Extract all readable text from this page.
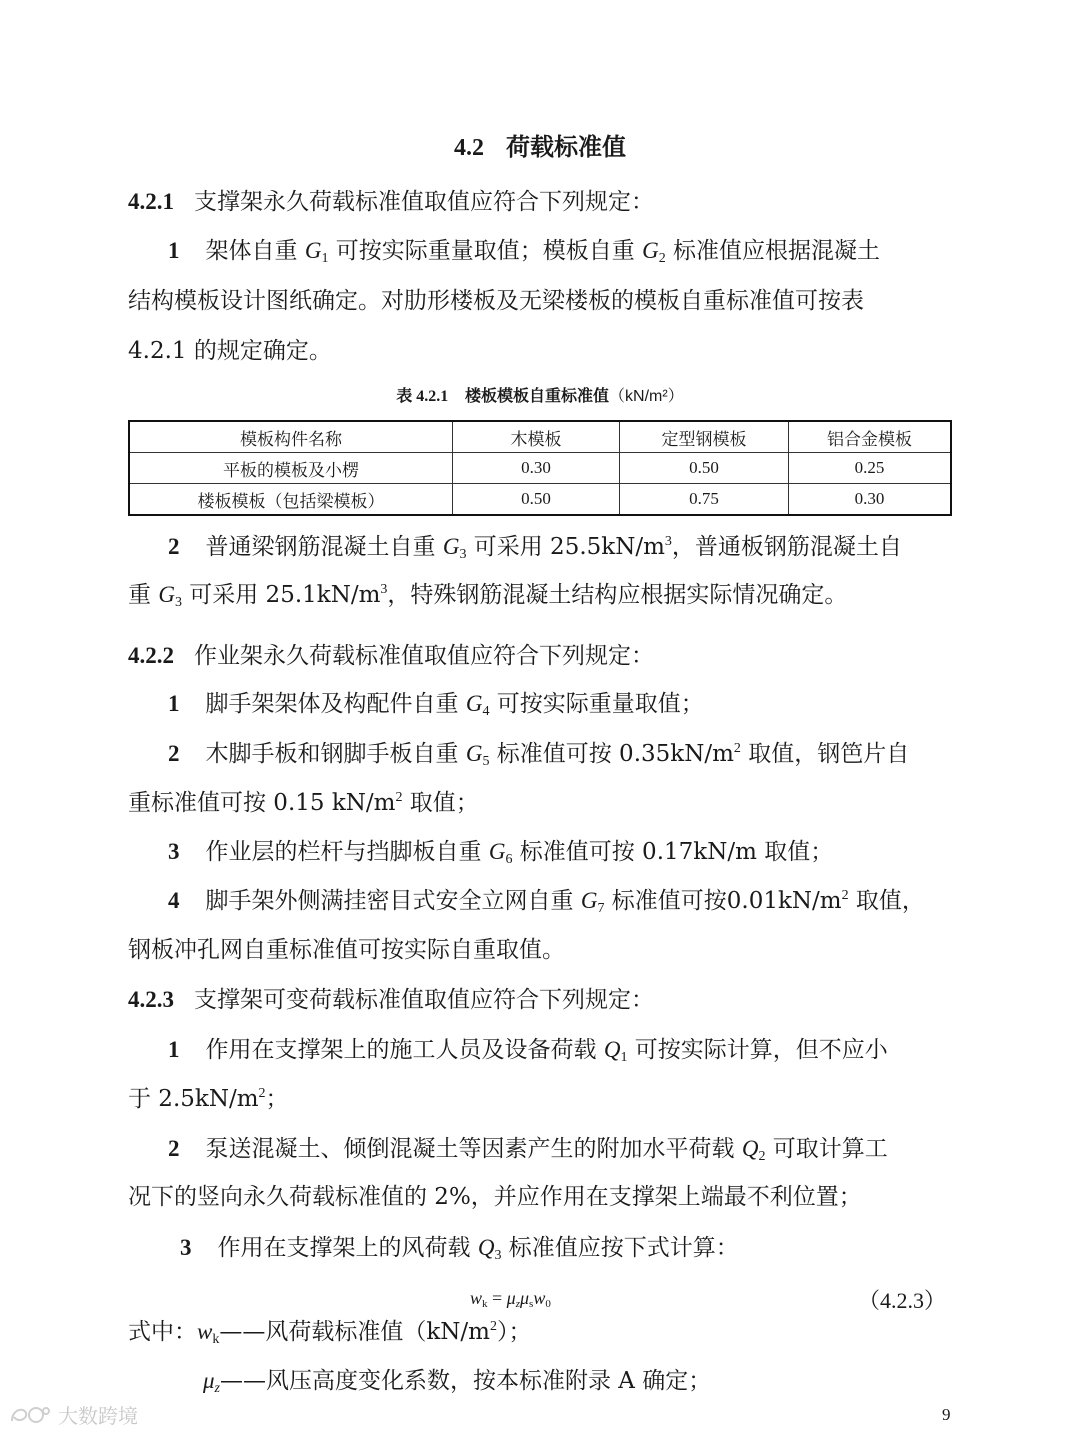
4.2 荷载标准值
4.2.1 支撑架永久荷载标准值取值应符合下列规定：
1 架体自重 $G_1$ 可按实际重量取值；模板自重 $G_2$ 标准值应根据混凝土
结构模板设计图纸确定。对肋形楼板及无梁楼板的模板自重标准值可按表
4.2.1 的规定确定。
表 4.2.1 楼板模板自重标准值（kN/m²）
模板构件名称	木模板	定型钢模板	铝合金模板
平板的模板及小楞	0.30	0.50	0.25
楼板模板（包括梁模板）	0.50	0.75	0.30
2 普通梁钢筋混凝土自重 $G_3$ 可采用 $25.5kN/m^3$，普通板钢筋混凝土自
重 $G_3$ 可采用 $25.1kN/m^3$，特殊钢筋混凝土结构应根据实际情况确定。
4.2.2 作业架永久荷载标准值取值应符合下列规定：
1 脚手架架体及构配件自重 $G_4$ 可按实际重量取值；
2 木脚手板和钢脚手板自重 $G_5$ 标准值可按 $0.35kN/m^2$ 取值，钢笆片自
重标准值可按 0.15 $kN/m^2$ 取值；
3 作业层的栏杆与挡脚板自重 $G_6$ 标准值可按 0.17kN/m 取值；
4 脚手架外侧满挂密目式安全立网自重 $G_7$ 标准值可按$0.01kN/m^2$ 取值，
钢板冲孔网自重标准值可按实际自重取值。
4.2.3 支撑架可变荷载标准值取值应符合下列规定：
1 作用在支撑架上的施工人员及设备荷载 $Q_1$ 可按实际计算，但不应小
于 $2.5kN/m^2$；
2 泵送混凝土、倾倒混凝土等因素产生的附加水平荷载 $Q_2$ 可取计算工
况下的竖向永久荷载标准值的 2%，并应作用在支撑架上端最不利位置；
3 作用在支撑架上的风荷载 $Q_3$ 标准值应按下式计算：
$w_k = \mu_z\mu_sw_0$	（4.2.3）
式中：$w_k——$风荷载标准值$(kN/m^2)$；
$\mu_z——$风压高度变化系数，按本标准附录 A 确定；
9
大数跨境
